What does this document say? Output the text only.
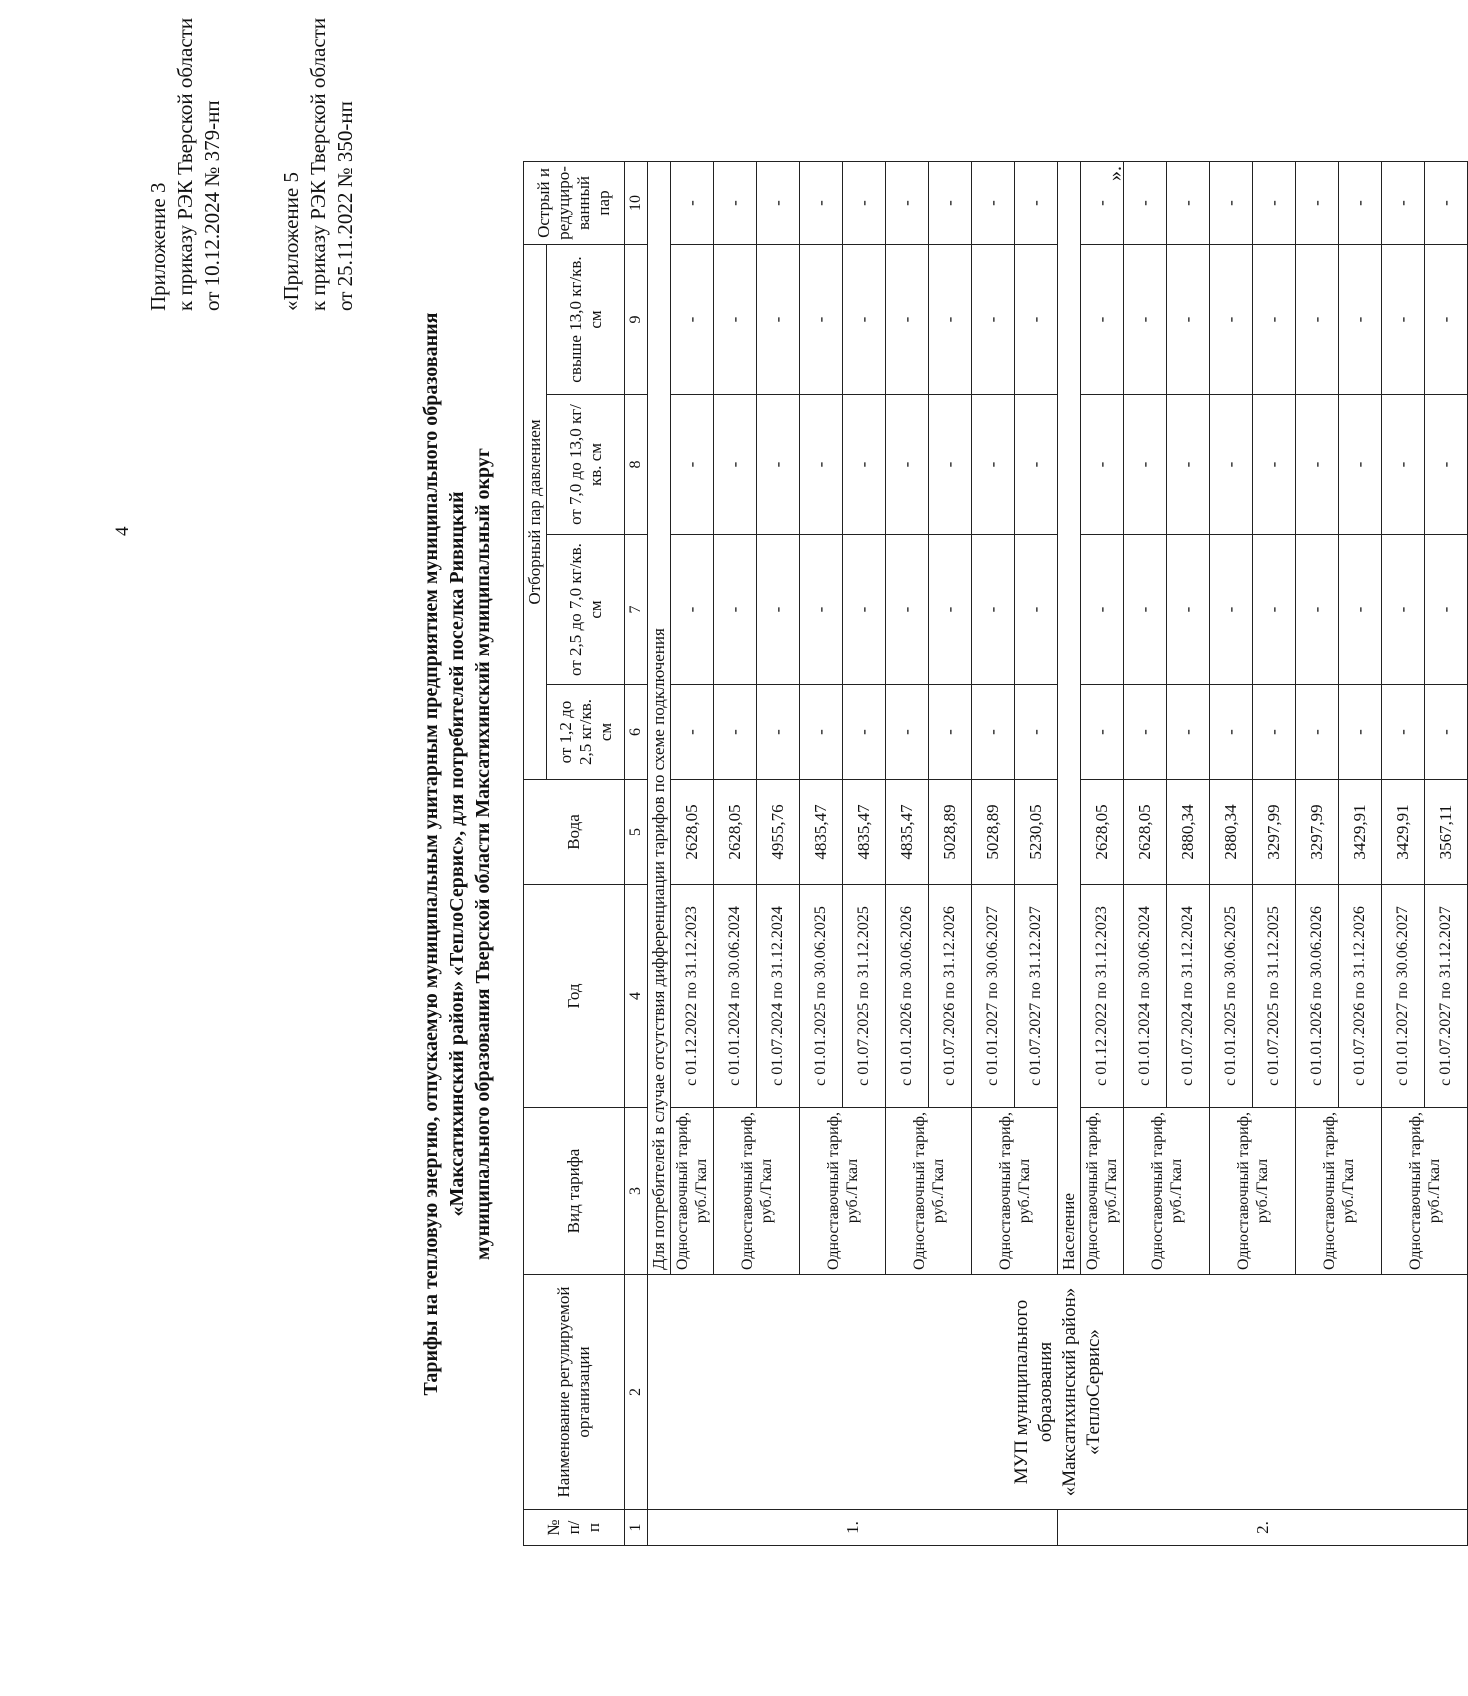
4
Приложение 3 к приказу РЭК Тверской области от 10.12.2024 № 379-нп	«Приложение 5 к приказу РЭК Тверской области от 25.11.2022 № 350-нп
Тарифы на тепловую энергию, отпускаемую муниципальным унитарным предприятием муниципального образования «Максатихинский район» «ТеплоСервис», для потребителей поселка Ривицкий муниципального образования Тверской области Максатихинский муниципальный округ
№ п/ п	Наименование регулируемой организации	Вид тарифа	Год	Вода	Отборный пар давлением				Острый и редуциро-ванный пар
					от 1,2 до 2,5 кг/кв. см	от 2,5 до 7,0 кг/кв. см	от 7,0 до 13,0 кг/кв. см	свыше 13,0 кг/кв. см	
1	2	3	4	5	6	7	8	9	10
1.	МУП муниципального образования «Максатихинский район» «ТеплоСервис»	Для потребителей в случае отсутствия дифференциации тарифов по схеме подключения							
		Одноставочный тариф, руб./Гкал	с 01.12.2022 по 31.12.2023	2628,05	-	-	-	-	-
		Одноставочный тариф, руб./Гкал	с 01.01.2024 по 30.06.2024	2628,05	-	-	-	-	-
			с 01.07.2024 по 31.12.2024	4955,76	-	-	-	-	-
		Одноставочный тариф, руб./Гкал	с 01.01.2025 по 30.06.2025	4835,47	-	-	-	-	-
			с 01.07.2025 по 31.12.2025	4835,47	-	-	-	-	-
		Одноставочный тариф, руб./Гкал	с 01.01.2026 по 30.06.2026	4835,47	-	-	-	-	-
			с 01.07.2026 по 31.12.2026	5028,89	-	-	-	-	-
		Одноставочный тариф, руб./Гкал	с 01.01.2027 по 30.06.2027	5028,89	-	-	-	-	-
			с 01.07.2027 по 31.12.2027	5230,05	-	-	-	-	-
2.		Население							
		Одноставочный тариф, руб./Гкал	с 01.12.2022 по 31.12.2023	2628,05	-	-	-	-	-
		Одноставочный тариф, руб./Гкал	с 01.01.2024 по 30.06.2024	2628,05	-	-	-	-	-
			с 01.07.2024 по 31.12.2024	2880,34	-	-	-	-	-
		Одноставочный тариф, руб./Гкал	с 01.01.2025 по 30.06.2025	2880,34	-	-	-	-	-
			с 01.07.2025 по 31.12.2025	3297,99	-	-	-	-	-
		Одноставочный тариф, руб./Гкал	с 01.01.2026 по 30.06.2026	3297,99	-	-	-	-	-
			с 01.07.2026 по 31.12.2026	3429,91	-	-	-	-	-
		Одноставочный тариф, руб./Гкал	с 01.01.2027 по 30.06.2027	3429,91	-	-	-	-	-
			с 01.07.2027 по 31.12.2027	3567,11	-	-	-	-	-
».
